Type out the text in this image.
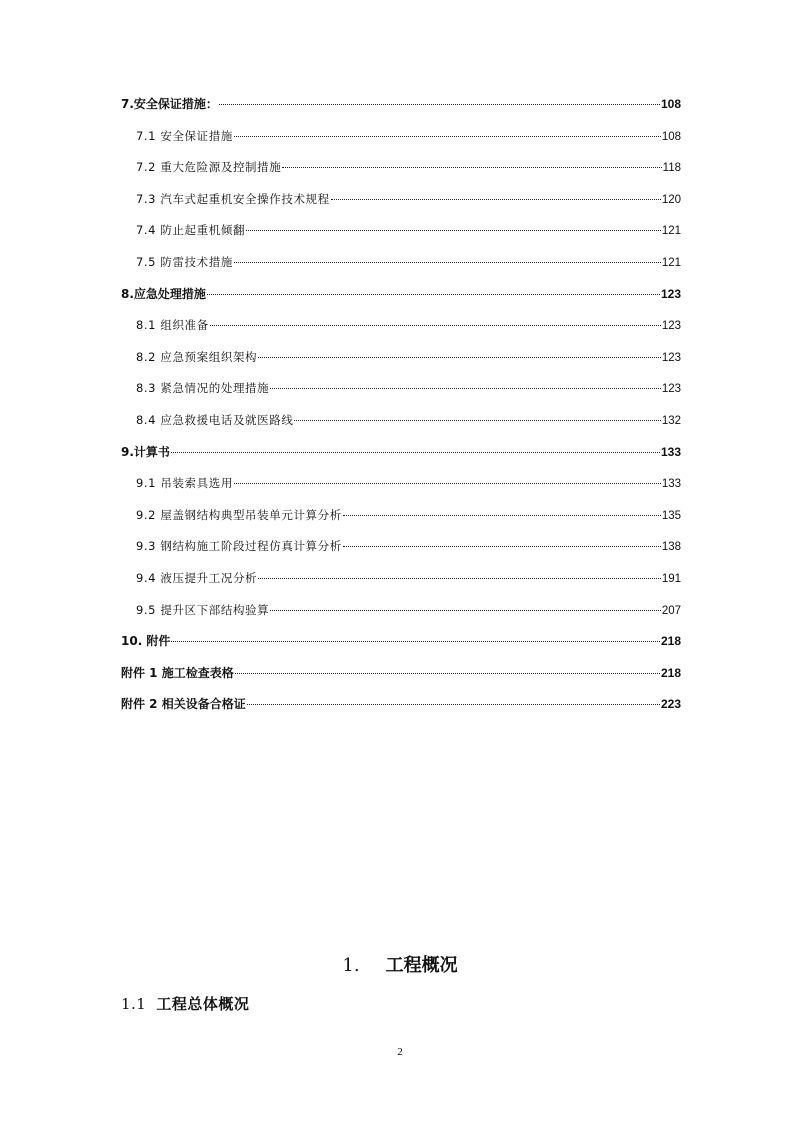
7.安全保证措施：	108
7.1 安全保证措施	108
7.2 重大危险源及控制措施	118
7.3 汽车式起重机安全操作技术规程	120
7.4 防止起重机倾翻	121
7.5 防雷技术措施	121
8.应急处理措施	123
8.1 组织准备	123
8.2 应急预案组织架构	123
8.3 紧急情况的处理措施	123
8.4 应急救援电话及就医路线	132
9.计算书	133
9.1 吊装索具选用	133
9.2 屋盖钢结构典型吊装单元计算分析	135
9.3 钢结构施工阶段过程仿真计算分析	138
9.4 液压提升工况分析	191
9.5 提升区下部结构验算	207
10. 附件	218
附件 1 施工检查表格	218
附件 2 相关设备合格证	223
1. 工程概况
1.1 工程总体概况
2
